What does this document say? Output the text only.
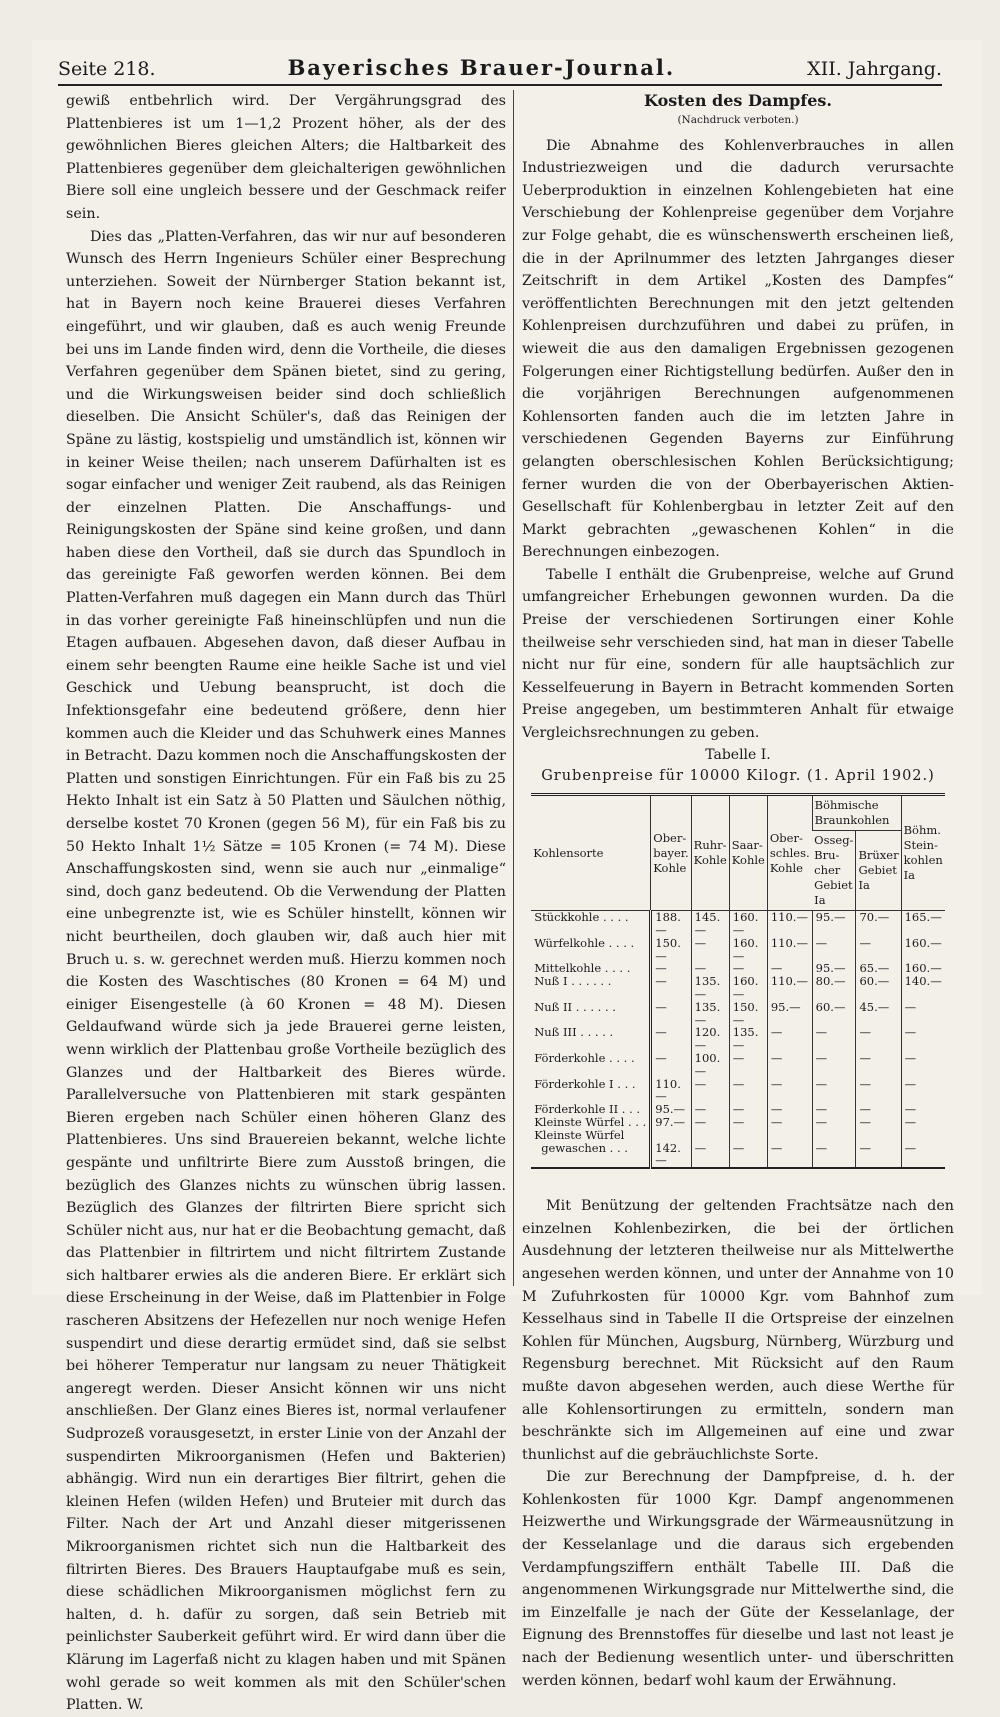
Seite 218.	Bayerisches Brauer-Journal.	XII. Jahrgang.

gewiß entbehrlich wird. Der Vergährungsgrad des Plattenbieres ist um 1—1,2 Prozent höher, als der des gewöhnlichen Bieres gleichen Alters; die Haltbarkeit des Plattenbieres gegenüber dem gleichalterigen gewöhnlichen Biere soll eine ungleich bessere und der Geschmack reifer sein.

Dies das „Platten-Verfahren, das wir nur auf besonderen Wunsch des Herrn Ingenieurs Schüler einer Besprechung unterziehen. Soweit der Nürnberger Station bekannt ist, hat in Bayern noch keine Brauerei dieses Verfahren eingeführt, und wir glauben, daß es auch wenig Freunde bei uns im Lande finden wird, denn die Vortheile, die dieses Verfahren gegenüber dem Spänen bietet, sind zu gering, und die Wirkungsweisen beider sind doch schließlich dieselben. Die Ansicht Schüler's, daß das Reinigen der Späne zu lästig, kostspielig und umständlich ist, können wir in keiner Weise theilen; nach unserem Dafürhalten ist es sogar einfacher und weniger Zeit raubend, als das Reinigen der einzelnen Platten. Die Anschaffungs- und Reinigungskosten der Späne sind keine großen, und dann haben diese den Vortheil, daß sie durch das Spundloch in das gereinigte Faß geworfen werden können. Bei dem Platten-Verfahren muß dagegen ein Mann durch das Thürl in das vorher gereinigte Faß hineinschlüpfen und nun die Etagen aufbauen. Abgesehen davon, daß dieser Aufbau in einem sehr beengten Raume eine heikle Sache ist und viel Geschick und Uebung beansprucht, ist doch die Infektionsgefahr eine bedeutend größere, denn hier kommen auch die Kleider und das Schuhwerk eines Mannes in Betracht. Dazu kommen noch die Anschaffungskosten der Platten und sonstigen Einrichtungen. Für ein Faß bis zu 25 Hekto Inhalt ist ein Satz à 50 Platten und Säulchen nöthig, derselbe kostet 70 Kronen (gegen 56 M), für ein Faß bis zu 50 Hekto Inhalt 1½ Sätze = 105 Kronen (= 74 M). Diese Anschaffungskosten sind, wenn sie auch nur „einmalige“ sind, doch ganz bedeutend. Ob die Verwendung der Platten eine unbegrenzte ist, wie es Schüler hinstellt, können wir nicht beurtheilen, doch glauben wir, daß auch hier mit Bruch u. s. w. gerechnet werden muß. Hierzu kommen noch die Kosten des Waschtisches (80 Kronen = 64 M) und einiger Eisengestelle (à 60 Kronen = 48 M). Diesen Geldaufwand würde sich ja jede Brauerei gerne leisten, wenn wirklich der Plattenbau große Vortheile bezüglich des Glanzes und der Haltbarkeit des Bieres würde. Parallelversuche von Plattenbieren mit stark gespänten Bieren ergeben nach Schüler einen höheren Glanz des Plattenbieres. Uns sind Brauereien bekannt, welche lichte gespänte und unfiltrirte Biere zum Ausstoß bringen, die bezüglich des Glanzes nichts zu wünschen übrig lassen. Bezüglich des Glanzes der filtrirten Biere spricht sich Schüler nicht aus, nur hat er die Beobachtung gemacht, daß das Plattenbier in filtrirtem und nicht filtrirtem Zustande sich haltbarer erwies als die anderen Biere. Er erklärt sich diese Erscheinung in der Weise, daß im Plattenbier in Folge rascheren Absitzens der Hefezellen nur noch wenige Hefen suspendirt und diese derartig ermüdet sind, daß sie selbst bei höherer Temperatur nur langsam zu neuer Thätigkeit angeregt werden. Dieser Ansicht können wir uns nicht anschließen. Der Glanz eines Bieres ist, normal verlaufener Sudprozeß vorausgesetzt, in erster Linie von der Anzahl der suspendirten Mikroorganismen (Hefen und Bakterien) abhängig. Wird nun ein derartiges Bier filtrirt, gehen die kleinen Hefen (wilden Hefen) und Bruteier mit durch das Filter. Nach der Art und Anzahl dieser mitgerissenen Mikroorganismen richtet sich nun die Haltbarkeit des filtrirten Bieres. Des Brauers Hauptaufgabe muß es sein, diese schädlichen Mikroorganismen möglichst fern zu halten, d. h. dafür zu sorgen, daß sein Betrieb mit peinlichster Sauberkeit geführt wird. Er wird dann über die Klärung im Lagerfaß nicht zu klagen haben und mit Spänen wohl gerade so weit kommen als mit den Schüler'schen Platten. W.

Kosten des Dampfes.
(Nachdruck verboten.)

Die Abnahme des Kohlenverbrauches in allen Industriezweigen und die dadurch verursachte Ueberproduktion in einzelnen Kohlengebieten hat eine Verschiebung der Kohlenpreise gegenüber dem Vorjahre zur Folge gehabt, die es wünschenswerth erscheinen ließ, die in der Aprilnummer des letzten Jahrganges dieser Zeitschrift in dem Artikel „Kosten des Dampfes“ veröffentlichten Berechnungen mit den jetzt geltenden Kohlenpreisen durchzuführen und dabei zu prüfen, in wieweit die aus den damaligen Ergebnissen gezogenen Folgerungen einer Richtigstellung bedürfen. Außer den in die vorjährigen Berechnungen aufgenommenen Kohlensorten fanden auch die im letzten Jahre in verschiedenen Gegenden Bayerns zur Einführung gelangten oberschlesischen Kohlen Berücksichtigung; ferner wurden die von der Oberbayerischen Aktien-Gesellschaft für Kohlenbergbau in letzter Zeit auf den Markt gebrachten „gewaschenen Kohlen“ in die Berechnungen einbezogen.

Tabelle I enthält die Grubenpreise, welche auf Grund umfangreicher Erhebungen gewonnen wurden. Da die Preise der verschiedenen Sortirungen einer Kohle theilweise sehr verschieden sind, hat man in dieser Tabelle nicht nur für eine, sondern für alle hauptsächlich zur Kesselfeuerung in Bayern in Betracht kommenden Sorten Preise angegeben, um bestimmteren Anhalt für etwaige Vergleichsrechnungen zu geben.

Tabelle I.
Grubenpreise für 10000 Kilogr. (1. April 1902.)
Kohlensorte	Ober-bayer. Kohle	Ruhr-Kohle	Saar-Kohle	Ober-schles. Kohle	Böhmische Braunkohlen		Böhm. Stein-kohlen Ia
					Osseg-Bru-cher Gebiet Ia	Brüxer Gebiet Ia	
Stückkohle . . . .	188.—	145.—	160.—	110.—	95.—	70.—	165.—
Würfelkohle . . . .	150.—	—	160.—	110.—	—	—	160.—
Mittelkohle . . . .	—	—	—	—	95.—	65.—	160.—
Nuß I . . . . . .	—	135.—	160.—	110.—	80.—	60.—	140.—
Nuß II . . . . . .	—	135.—	150.—	95.—	60.—	45.—	—
Nuß III . . . . .	—	120.—	135.—	—	—	—	—
Förderkohle . . . .	—	100.—	—	—	—	—	—
Förderkohle I . . .	110.—	—	—	—	—	—	—
Förderkohle II . . .	95.—	—	—	—	—	—	—
Kleinste Würfel . . .	97.—	—	—	—	—	—	—
Kleinste Würfel							
gewaschen . . .	142.—	—	—	—	—	—	—

Mit Benützung der geltenden Frachtsätze nach den einzelnen Kohlenbezirken, die bei der örtlichen Ausdehnung der letzteren theilweise nur als Mittelwerthe angesehen werden können, und unter der Annahme von 10 M Zufuhrkosten für 10000 Kgr. vom Bahnhof zum Kesselhaus sind in Tabelle II die Ortspreise der einzelnen Kohlen für München, Augsburg, Nürnberg, Würzburg und Regensburg berechnet. Mit Rücksicht auf den Raum mußte davon abgesehen werden, auch diese Werthe für alle Kohlensortirungen zu ermitteln, sondern man beschränkte sich im Allgemeinen auf eine und zwar thunlichst auf die gebräuchlichste Sorte.

Die zur Berechnung der Dampfpreise, d. h. der Kohlenkosten für 1000 Kgr. Dampf angenommenen Heizwerthe und Wirkungsgrade der Wärmeausnützung in der Kesselanlage und die daraus sich ergebenden Verdampfungsziffern enthält Tabelle III. Daß die angenommenen Wirkungsgrade nur Mittelwerthe sind, die im Einzelfalle je nach der Güte der Kesselanlage, der Eignung des Brennstoffes für dieselbe und last not least je nach der Bedienung wesentlich unter- und überschritten werden können, bedarf wohl kaum der Erwähnung.
